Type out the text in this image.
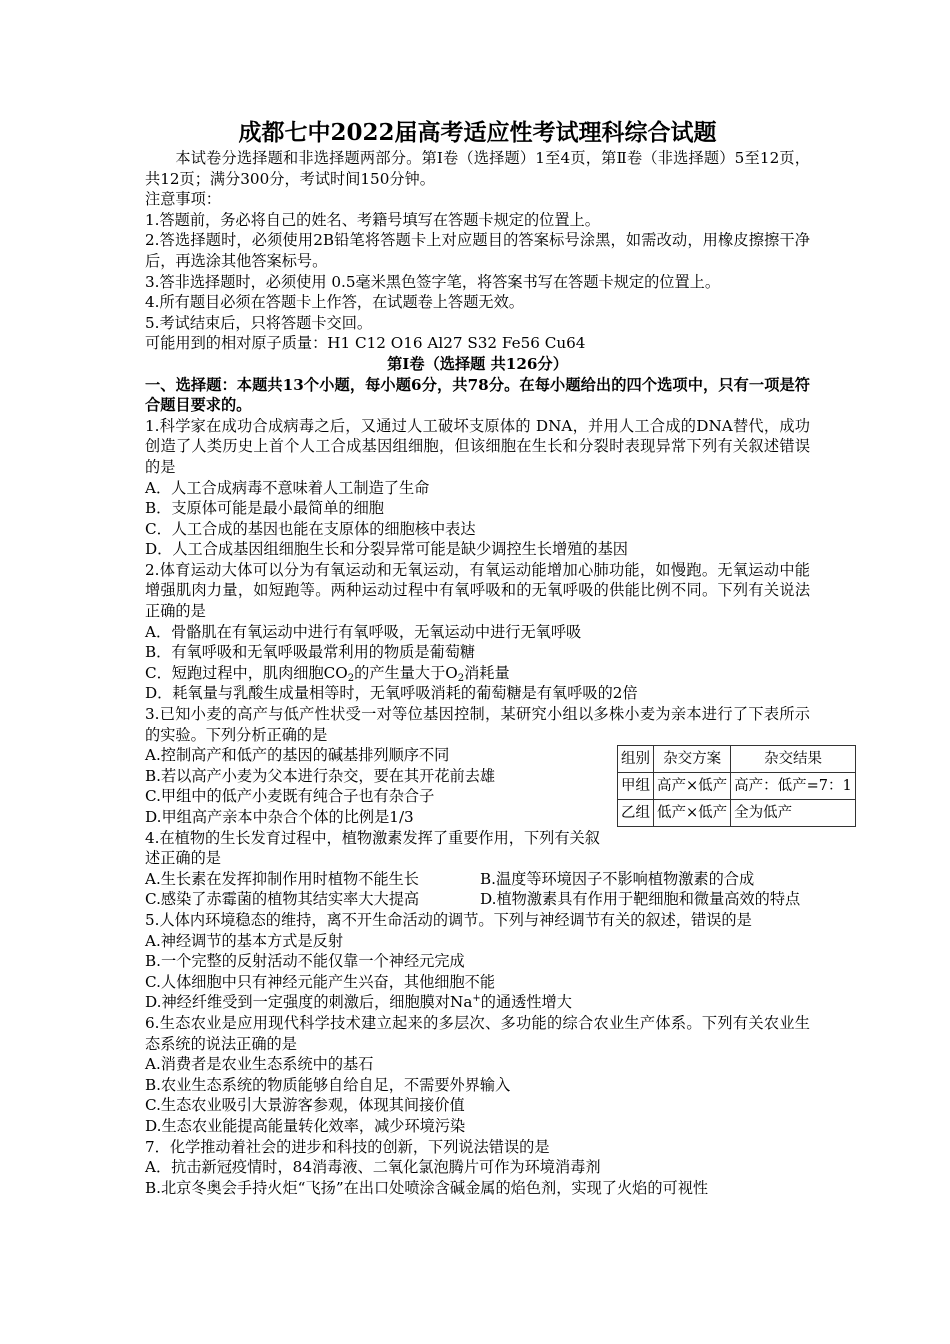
成都七中2022届高考适应性考试理科综合试题

本试卷分选择题和非选择题两部分。第Ⅰ卷（选择题）1至4页，第Ⅱ卷（非选择题）5至12页，共12页；满分300分，考试时间150分钟。

注意事项：

1.答题前，务必将自己的姓名、考籍号填写在答题卡规定的位置上。

2.答选择题时，必须使用2B铅笔将答题卡上对应题目的答案标号涂黑，如需改动，用橡皮擦擦干净后，再选涂其他答案标号。

3.答非选择题时，必须使用 0.5毫米黑色签字笔，将答案书写在答题卡规定的位置上。

4.所有题目必须在答题卡上作答，在试题卷上答题无效。

5.考试结束后，只将答题卡交回。

可能用到的相对原子质量：H1 C12 O16 Al27 S32 Fe56 Cu64

第Ⅰ卷（选择题 共126分）

一、选择题：本题共13个小题，每小题6分，共78分。在每小题给出的四个选项中，只有一项是符合题目要求的。

1.科学家在成功合成病毒之后，又通过人工破坏支原体的 DNA，并用人工合成的DNA替代，成功创造了人类历史上首个人工合成基因组细胞，但该细胞在生长和分裂时表现异常下列有关叙述错误的是

A．人工合成病毒不意味着人工制造了生命

B．支原体可能是最小最简单的细胞

C．人工合成的基因也能在支原体的细胞核中表达

D．人工合成基因组细胞生长和分裂异常可能是缺少调控生长增殖的基因

2.体育运动大体可以分为有氧运动和无氧运动，有氧运动能增加心肺功能，如慢跑。无氧运动中能增强肌肉力量，如短跑等。两种运动过程中有氧呼吸和的无氧呼吸的供能比例不同。下列有关说法正确的是

A．骨骼肌在有氧运动中进行有氧呼吸，无氧运动中进行无氧呼吸

B．有氧呼吸和无氧呼吸最常利用的物质是葡萄糖

C．短跑过程中，肌肉细胞$CO_2$的产生量大于$O_2$消耗量

D．耗氧量与乳酸生成量相等时，无氧呼吸消耗的葡萄糖是有氧呼吸的2倍

3.已知小麦的高产与低产性状受一对等位基因控制，某研究小组以多株小麦为亲本进行了下表所示的实验。下列分析正确的是

组别	杂交方案	杂交结果
甲组	高产×低产	高产：低产=7：1
乙组	低产×低产	全为低产

A.控制高产和低产的基因的碱基排列顺序不同

B.若以高产小麦为父本进行杂交，要在其开花前去雄

C.甲组中的低产小麦既有纯合子也有杂合子

D.甲组高产亲本中杂合个体的比例是1/3

4.在植物的生长发育过程中，植物激素发挥了重要作用，下列有关叙述正确的是

A.生长素在发挥抑制作用时植物不能生长	B.温度等环境因子不影响植物激素的合成

C.感染了赤霉菌的植物其结实率大大提高	D.植物激素具有作用于靶细胞和微量高效的特点

5.人体内环境稳态的维持，离不开生命活动的调节。下列与神经调节有关的叙述，错误的是

A.神经调节的基本方式是反射

B.一个完整的反射活动不能仅靠一个神经元完成

C.人体细胞中只有神经元能产生兴奋，其他细胞不能

D.神经纤维受到一定强度的刺激后，细胞膜对Na+的通透性增大

6.生态农业是应用现代科学技术建立起来的多层次、多功能的综合农业生产体系。下列有关农业生态系统的说法正确的是

A.消费者是农业生态系统中的基石

B.农业生态系统的物质能够自给自足，不需要外界输入

C.生态农业吸引大景游客参观，体现其间接价值

D.生态农业能提高能量转化效率，减少环境污染

7．化学推动着社会的进步和科技的创新，下列说法错误的是

A．抗击新冠疫情时，84消毒液、二氧化氯泡腾片可作为环境消毒剂

B.北京冬奥会手持火炬“飞扬”在出口处喷涂含碱金属的焰色剂，实现了火焰的可视性
